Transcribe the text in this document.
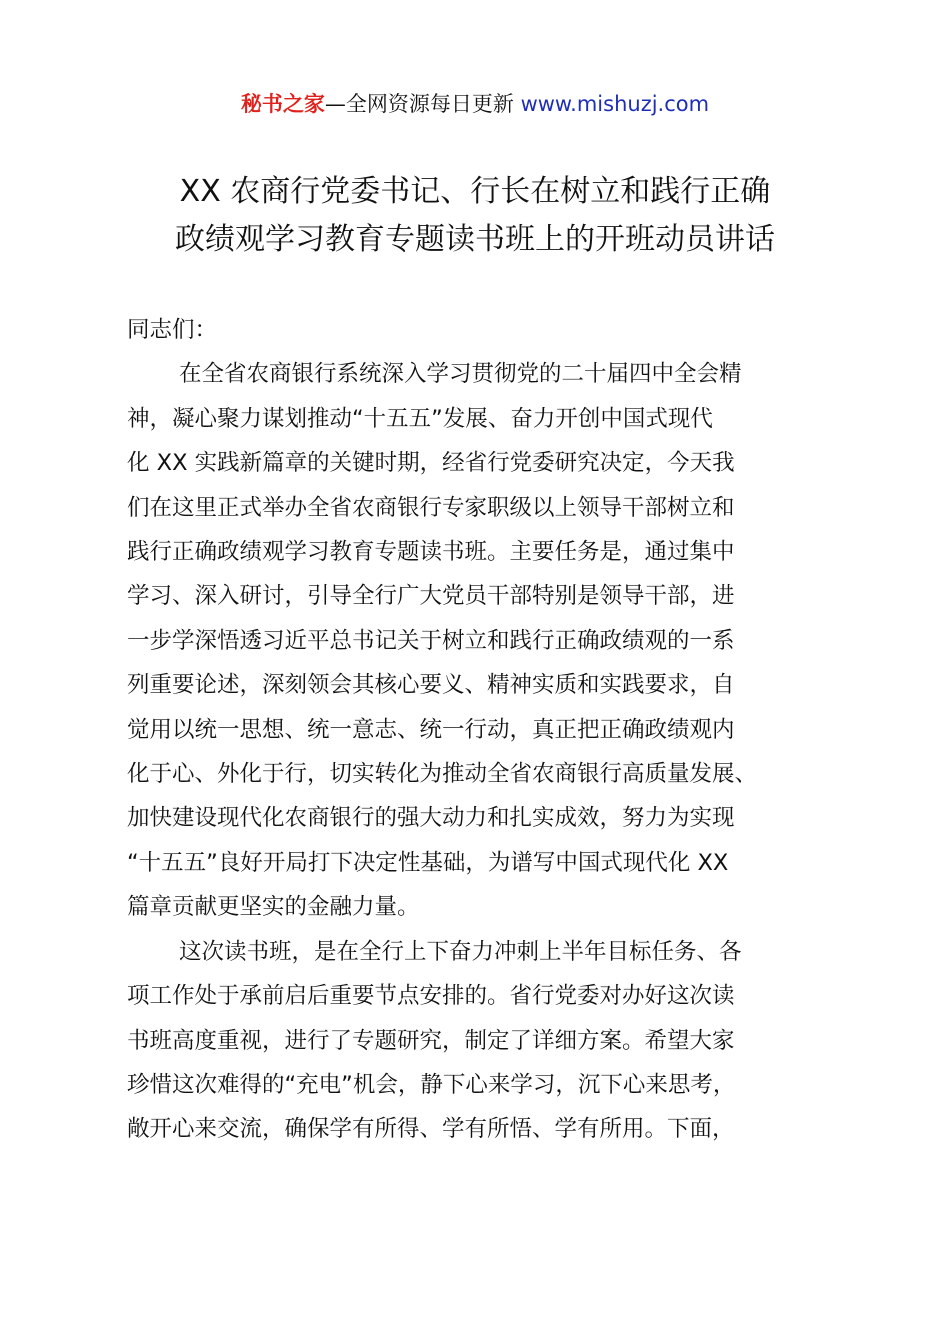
秘书之家—全网资源每日更新 www.mishuzj.com
XX 农商行党委书记、行长在树立和践行正确
政绩观学习教育专题读书班上的开班动员讲话
同志们：
在全省农商银行系统深入学习贯彻党的二十届四中全会精
神，凝心聚力谋划推动“十五五”发展、奋力开创中国式现代
化 XX 实践新篇章的关键时期，经省行党委研究决定，今天我
们在这里正式举办全省农商银行专家职级以上领导干部树立和
践行正确政绩观学习教育专题读书班。主要任务是，通过集中
学习、深入研讨，引导全行广大党员干部特别是领导干部，进
一步学深悟透习近平总书记关于树立和践行正确政绩观的一系
列重要论述，深刻领会其核心要义、精神实质和实践要求，自
觉用以统一思想、统一意志、统一行动，真正把正确政绩观内
化于心、外化于行，切实转化为推动全省农商银行高质量发展、
加快建设现代化农商银行的强大动力和扎实成效，努力为实现
“十五五”良好开局打下决定性基础，为谱写中国式现代化 XX
篇章贡献更坚实的金融力量。
这次读书班，是在全行上下奋力冲刺上半年目标任务、各
项工作处于承前启后重要节点安排的。省行党委对办好这次读
书班高度重视，进行了专题研究，制定了详细方案。希望大家
珍惜这次难得的“充电”机会，静下心来学习，沉下心来思考，
敞开心来交流，确保学有所得、学有所悟、学有所用。下面，
